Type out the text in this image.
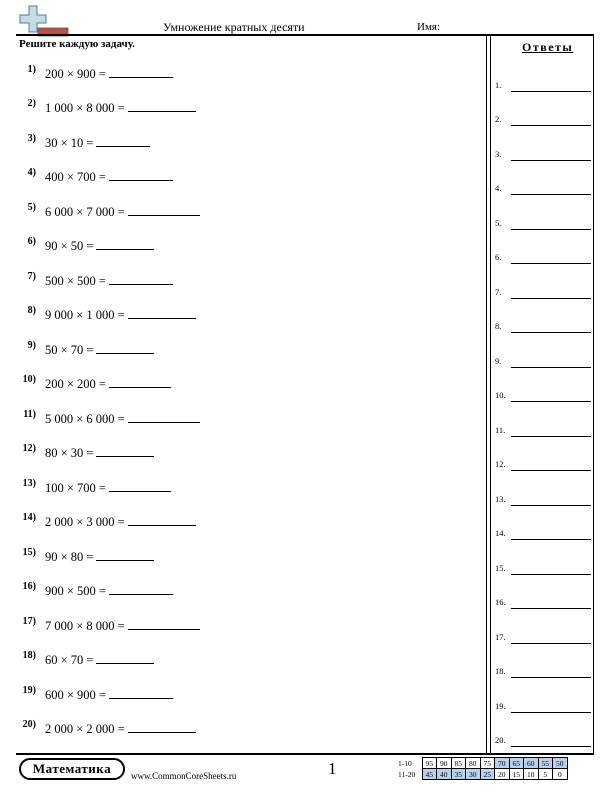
Умножение кратных десяти	Имя:
Решите каждую задачу.
1) 200 × 900 =
2) 1 000 × 8 000 =
3) 30 × 10 =
4) 400 × 700 =
5) 6 000 × 7 000 =
6) 90 × 50 =
7) 500 × 500 =
8) 9 000 × 1 000 =
9) 50 × 70 =
10) 200 × 200 =
11) 5 000 × 6 000 =
12) 80 × 30 =
13) 100 × 700 =
14) 2 000 × 3 000 =
15) 90 × 80 =
16) 900 × 500 =
17) 7 000 × 8 000 =
18) 60 × 70 =
19) 600 × 900 =
20) 2 000 × 2 000 =
Ответы
1.
2.
3.
4.
5.
6.
7.
8.
9.
10.
11.
12.
13.
14.
15.
16.
17.
18.
19.
20.
Математика	www.CommonCoreSheets.ru	1	1-10	95	90	85	80	75	70	65	60	55	50
11-20	45	40	35	30	25	20	15	10	5	0
